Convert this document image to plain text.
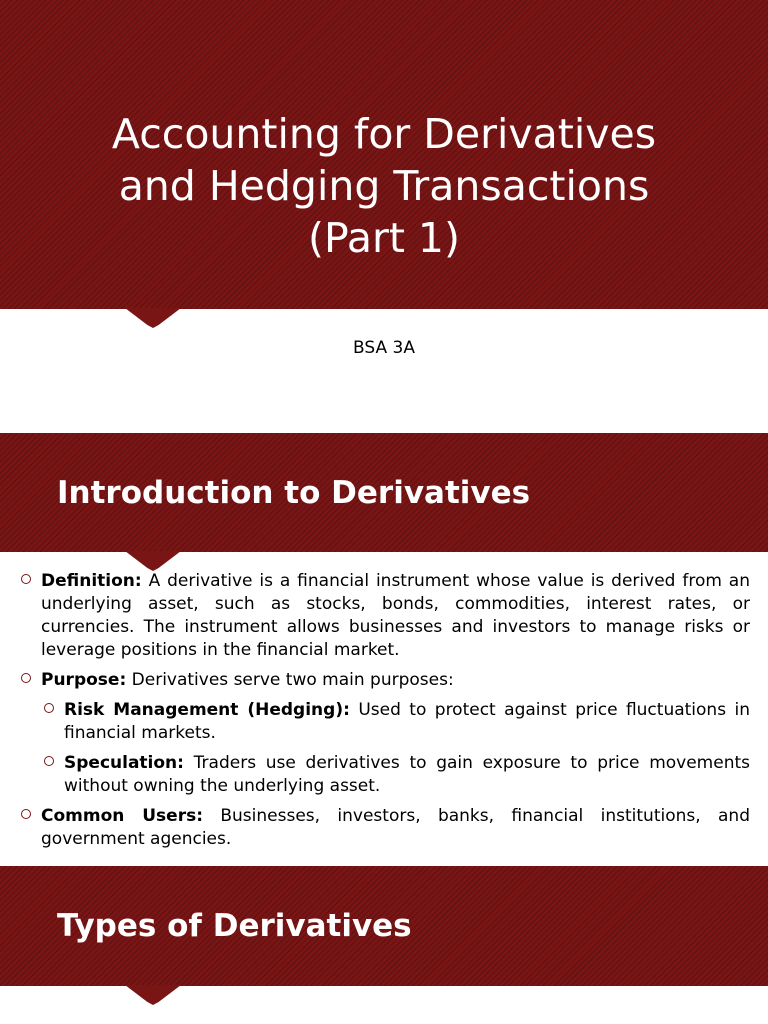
Accounting for Derivatives
and Hedging Transactions
(Part 1)
BSA 3A
Introduction to Derivatives
Definition: A derivative is a financial instrument whose value is derived from an underlying asset, such as stocks, bonds, commodities, interest rates, or currencies. The instrument allows businesses and investors to manage risks or leverage positions in the financial market.
Purpose: Derivatives serve two main purposes:
Risk Management (Hedging): Used to protect against price fluctuations in financial markets.
Speculation: Traders use derivatives to gain exposure to price movements without owning the underlying asset.
Common Users: Businesses, investors, banks, financial institutions, and government agencies.
Types of Derivatives
